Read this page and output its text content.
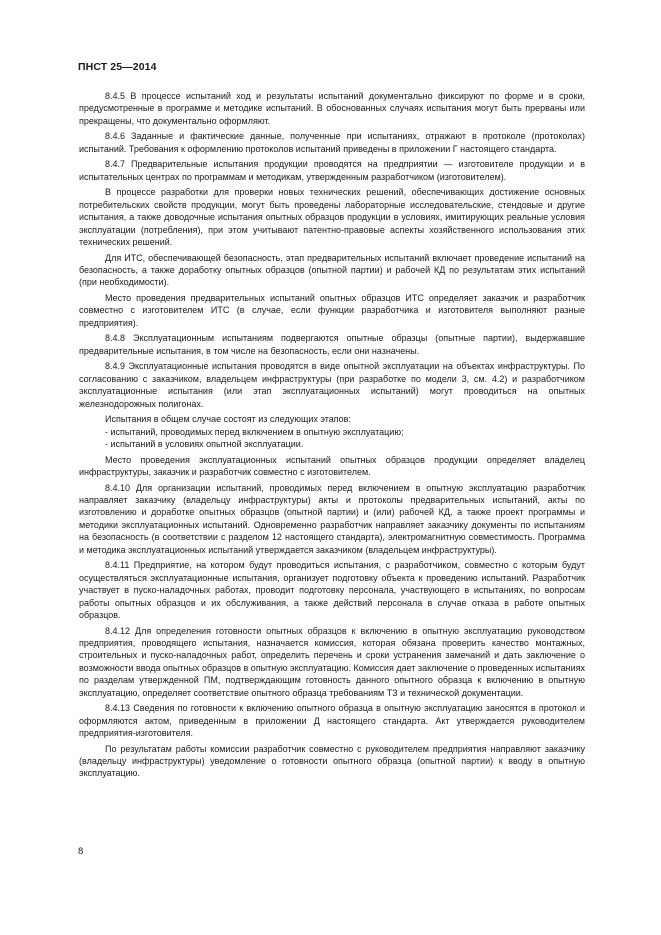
ПНСТ 25—2014

8.4.5 В процессе испытаний ход и результаты испытаний документально фиксируют по форме и в сроки, предусмотренные в программе и методике испытаний. В обоснованных случаях испытания могут быть прерваны или прекращены, что документально оформляют.

8.4.6 Заданные и фактические данные, полученные при испытаниях, отражают в протоколе (протоколах) испытаний. Требования к оформлению протоколов испытаний приведены в приложении Г настоящего стандарта.

8.4.7 Предварительные испытания продукции проводятся на предприятии — изготовителе продукции и в испытательных центрах по программам и методикам, утвержденным разработчиком (изготовителем).

В процессе разработки для проверки новых технических решений, обеспечивающих достижение основных потребительских свойств продукции, могут быть проведены лабораторные исследовательские, стендовые и другие испытания, а также доводочные испытания опытных образцов продукции в условиях, имитирующих реальные условия эксплуатации (потребления), при этом учитывают патентно-правовые аспекты хозяйственного использования этих технических решений.

Для ИТС, обеспечивающей безопасность, этап предварительных испытаний включает проведение испытаний на безопасность, а также доработку опытных образцов (опытной партии) и рабочей КД по результатам этих испытаний (при необходимости).

Место проведения предварительных испытаний опытных образцов ИТС определяет заказчик и разработчик совместно с изготовителем ИТС (в случае, если функции разработчика и изготовителя выполняют разные предприятия).

8.4.8 Эксплуатационным испытаниям подвергаются опытные образцы (опытные партии), выдержавшие предварительные испытания, в том числе на безопасность, если они назначены.

8.4.9 Эксплуатационные испытания проводятся в виде опытной эксплуатации на объектах инфраструктуры. По согласованию с заказчиком, владельцем инфраструктуры (при разработке по модели 3, см. 4.2) и разработчиком эксплуатационные испытания (или этап эксплуатационных испытаний) могут проводиться на опытных железнодорожных полигонах.

Испытания в общем случае состоят из следующих этапов:

- испытаний, проводимых перед включением в опытную эксплуатацию;

- испытаний в условиях опытной эксплуатации.

Место проведения эксплуатационных испытаний опытных образцов продукции определяет владелец инфраструктуры, заказчик и разработчик совместно с изготовителем.

8.4.10 Для организации испытаний, проводимых перед включением в опытную эксплуатацию разработчик направляет заказчику (владельцу инфраструктуры) акты и протоколы предварительных испытаний, акты по изготовлению и доработке опытных образцов (опытной партии) и (или) рабочей КД, а также проект программы и методики эксплуатационных испытаний. Одновременно разработчик направляет заказчику документы по испытаниям на безопасность (в соответствии с разделом 12 настоящего стандарта), электромагнитную совместимость. Программа и методика эксплуатационных испытаний утверждается заказчиком (владельцем инфраструктуры).

8.4.11 Предприятие, на котором будут проводиться испытания, с разработчиком, совместно с которым будут осуществляться эксплуатационные испытания, организует подготовку объекта к проведению испытаний. Разработчик участвует в пуско-наладочных работах, проводит подготовку персонала, участвующего в испытаниях, по вопросам работы опытных образцов и их обслуживания, а также действий персонала в случае отказа в работе опытных образцов.

8.4.12 Для определения готовности опытных образцов к включению в опытную эксплуатацию руководством предприятия, проводящего испытания, назначается комиссия, которая обязана проверить качество монтажных, строительных и пуско-наладочных работ, определить перечень и сроки устранения замечаний и дать заключение о возможности ввода опытных образцов в опытную эксплуатацию. Комиссия дает заключение о проведенных испытаниях по разделам утвержденной ПМ, подтверждающим готовность данного опытного образца к включению в опытную эксплуатацию, определяет соответствие опытного образца требованиям ТЗ и технической документации.

8.4.13 Сведения по готовности к включению опытного образца в опытную эксплуатацию заносятся в протокол и оформляются актом, приведенным в приложении Д настоящего стандарта. Акт утверждается руководителем предприятия-изготовителя.

По результатам работы комиссии разработчик совместно с руководителем предприятия направляют заказчику (владельцу инфраструктуры) уведомление о готовности опытного образца (опытной партии) к вводу в опытную эксплуатацию.

8
